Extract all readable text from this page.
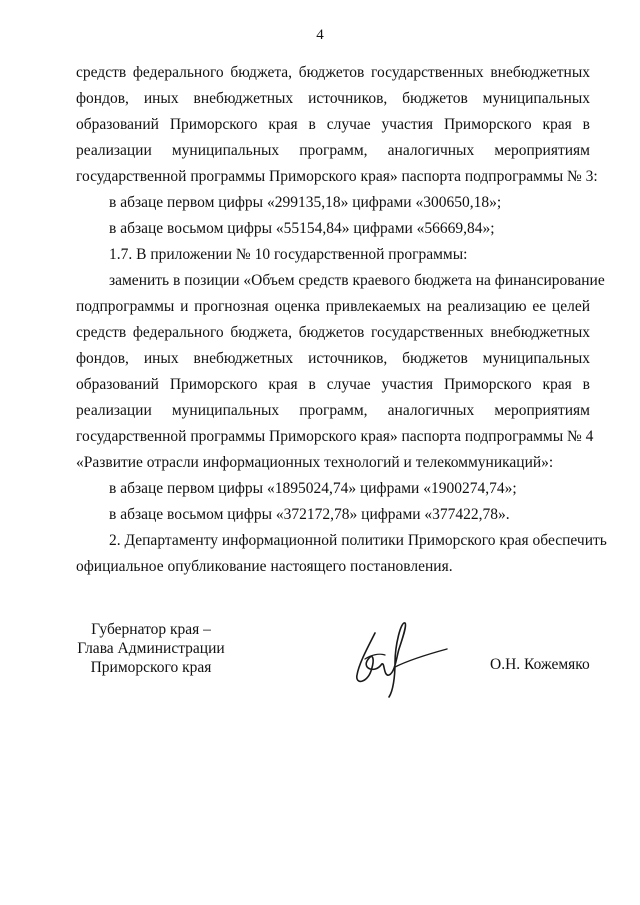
4
средств федерального бюджета, бюджетов государственных внебюджетных
фондов, иных внебюджетных источников, бюджетов муниципальных
образований Приморского края в случае участия Приморского края в
реализации муниципальных программ, аналогичных мероприятиям
государственной программы Приморского края» паспорта подпрограммы № 3:
в абзаце первом цифры «299135,18» цифрами «300650,18»;
в абзаце восьмом цифры «55154,84» цифрами «56669,84»;
1.7. В приложении № 10 государственной программы:
заменить в позиции «Объем средств краевого бюджета на финансирование
подпрограммы и прогнозная оценка привлекаемых на реализацию ее целей
средств федерального бюджета, бюджетов государственных внебюджетных
фондов, иных внебюджетных источников, бюджетов муниципальных
образований Приморского края в случае участия Приморского края в
реализации муниципальных программ, аналогичных мероприятиям
государственной программы Приморского края» паспорта подпрограммы № 4
«Развитие отрасли информационных технологий и телекоммуникаций»:
в абзаце первом цифры «1895024,74» цифрами «1900274,74»;
в абзаце восьмом цифры «372172,78» цифрами «377422,78».
2. Департаменту информационной политики Приморского края обеспечить
официальное опубликование настоящего постановления.
Губернатор края –
Глава Администрации
Приморского края	О.Н. Кожемяко
